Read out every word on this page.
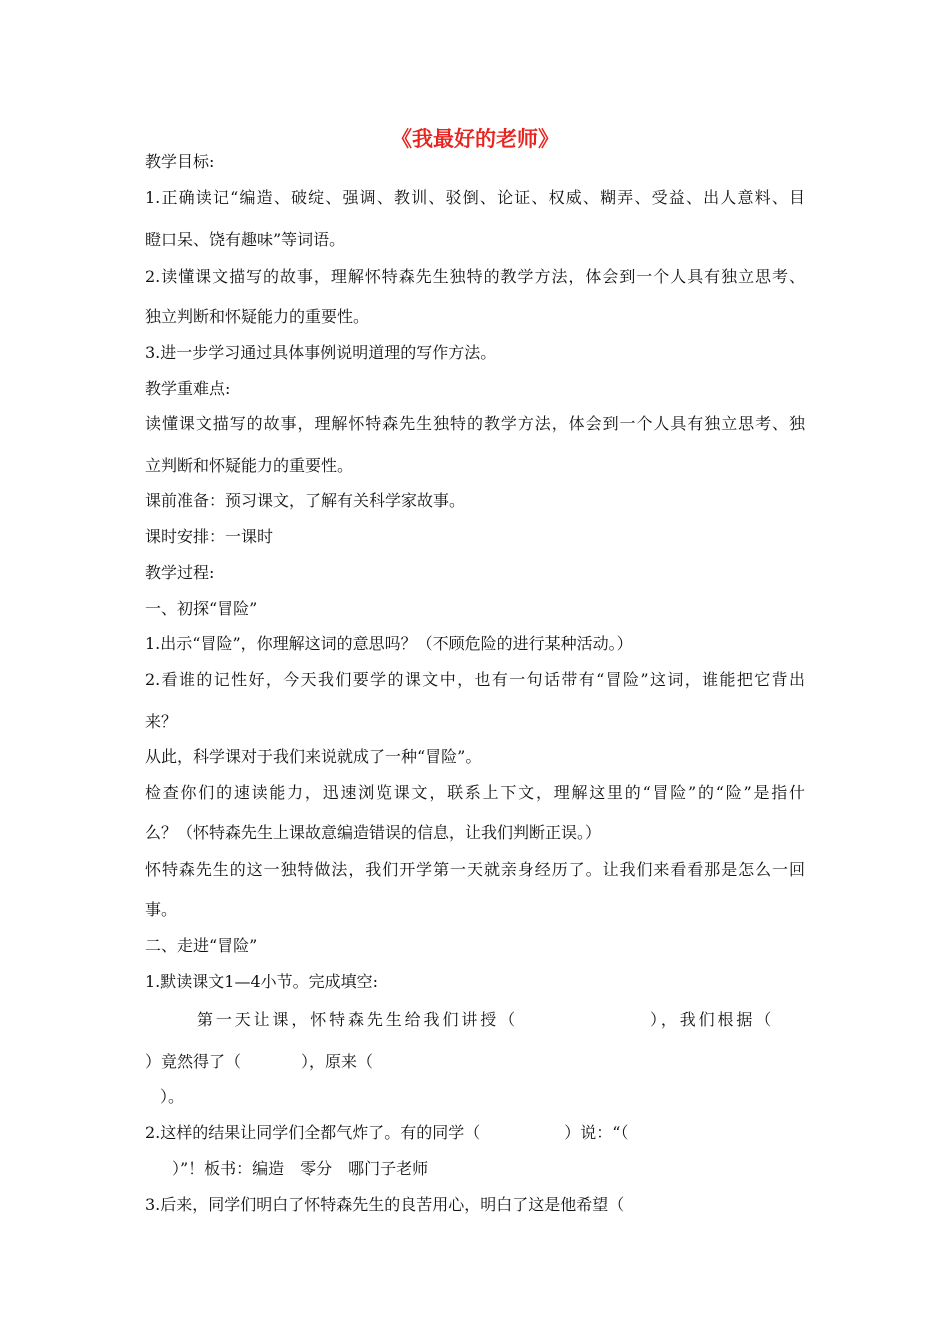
《我最好的老师》
教学目标:
1.正确读记“编造、破绽、强调、教训、驳倒、论证、权威、糊弄、受益、出人意料、目
瞪口呆、饶有趣味”等词语。
2.读懂课文描写的故事，理解怀特森先生独特的教学方法，体会到一个人具有独立思考、
独立判断和怀疑能力的重要性。
3.进一步学习通过具体事例说明道理的写作方法。
教学重难点:
读懂课文描写的故事，理解怀特森先生独特的教学方法，体会到一个人具有独立思考、独
立判断和怀疑能力的重要性。
课前准备：预习课文，了解有关科学家故事。
课时安排：一课时
教学过程:
一、初探“冒险”
1.出示“冒险”，你理解这词的意思吗？（不顾危险的进行某种活动。）
2.看谁的记性好，今天我们要学的课文中，也有一句话带有“冒险”这词，谁能把它背出
来？
从此，科学课对于我们来说就成了一种“冒险”。
检查你们的速读能力，迅速浏览课文，联系上下文，理解这里的“冒险”的“险”是指什
么？（怀特森先生上课故意编造错误的信息，让我们判断正误。）
怀特森先生的这一独特做法，我们开学第一天就亲身经历了。让我们来看看那是怎么一回
事。
二、走进“冒险”
1.默读课文1—4小节。完成填空:
第一天让课，怀特森先生给我们讲授（	），我们根据（
）竟然得了（	），原来（
）。
2.这样的结果让同学们全都气炸了。有的同学（	）说：“（
）”！板书：编造　零分　哪门子老师
3.后来，同学们明白了怀特森先生的良苦用心，明白了这是他希望（
